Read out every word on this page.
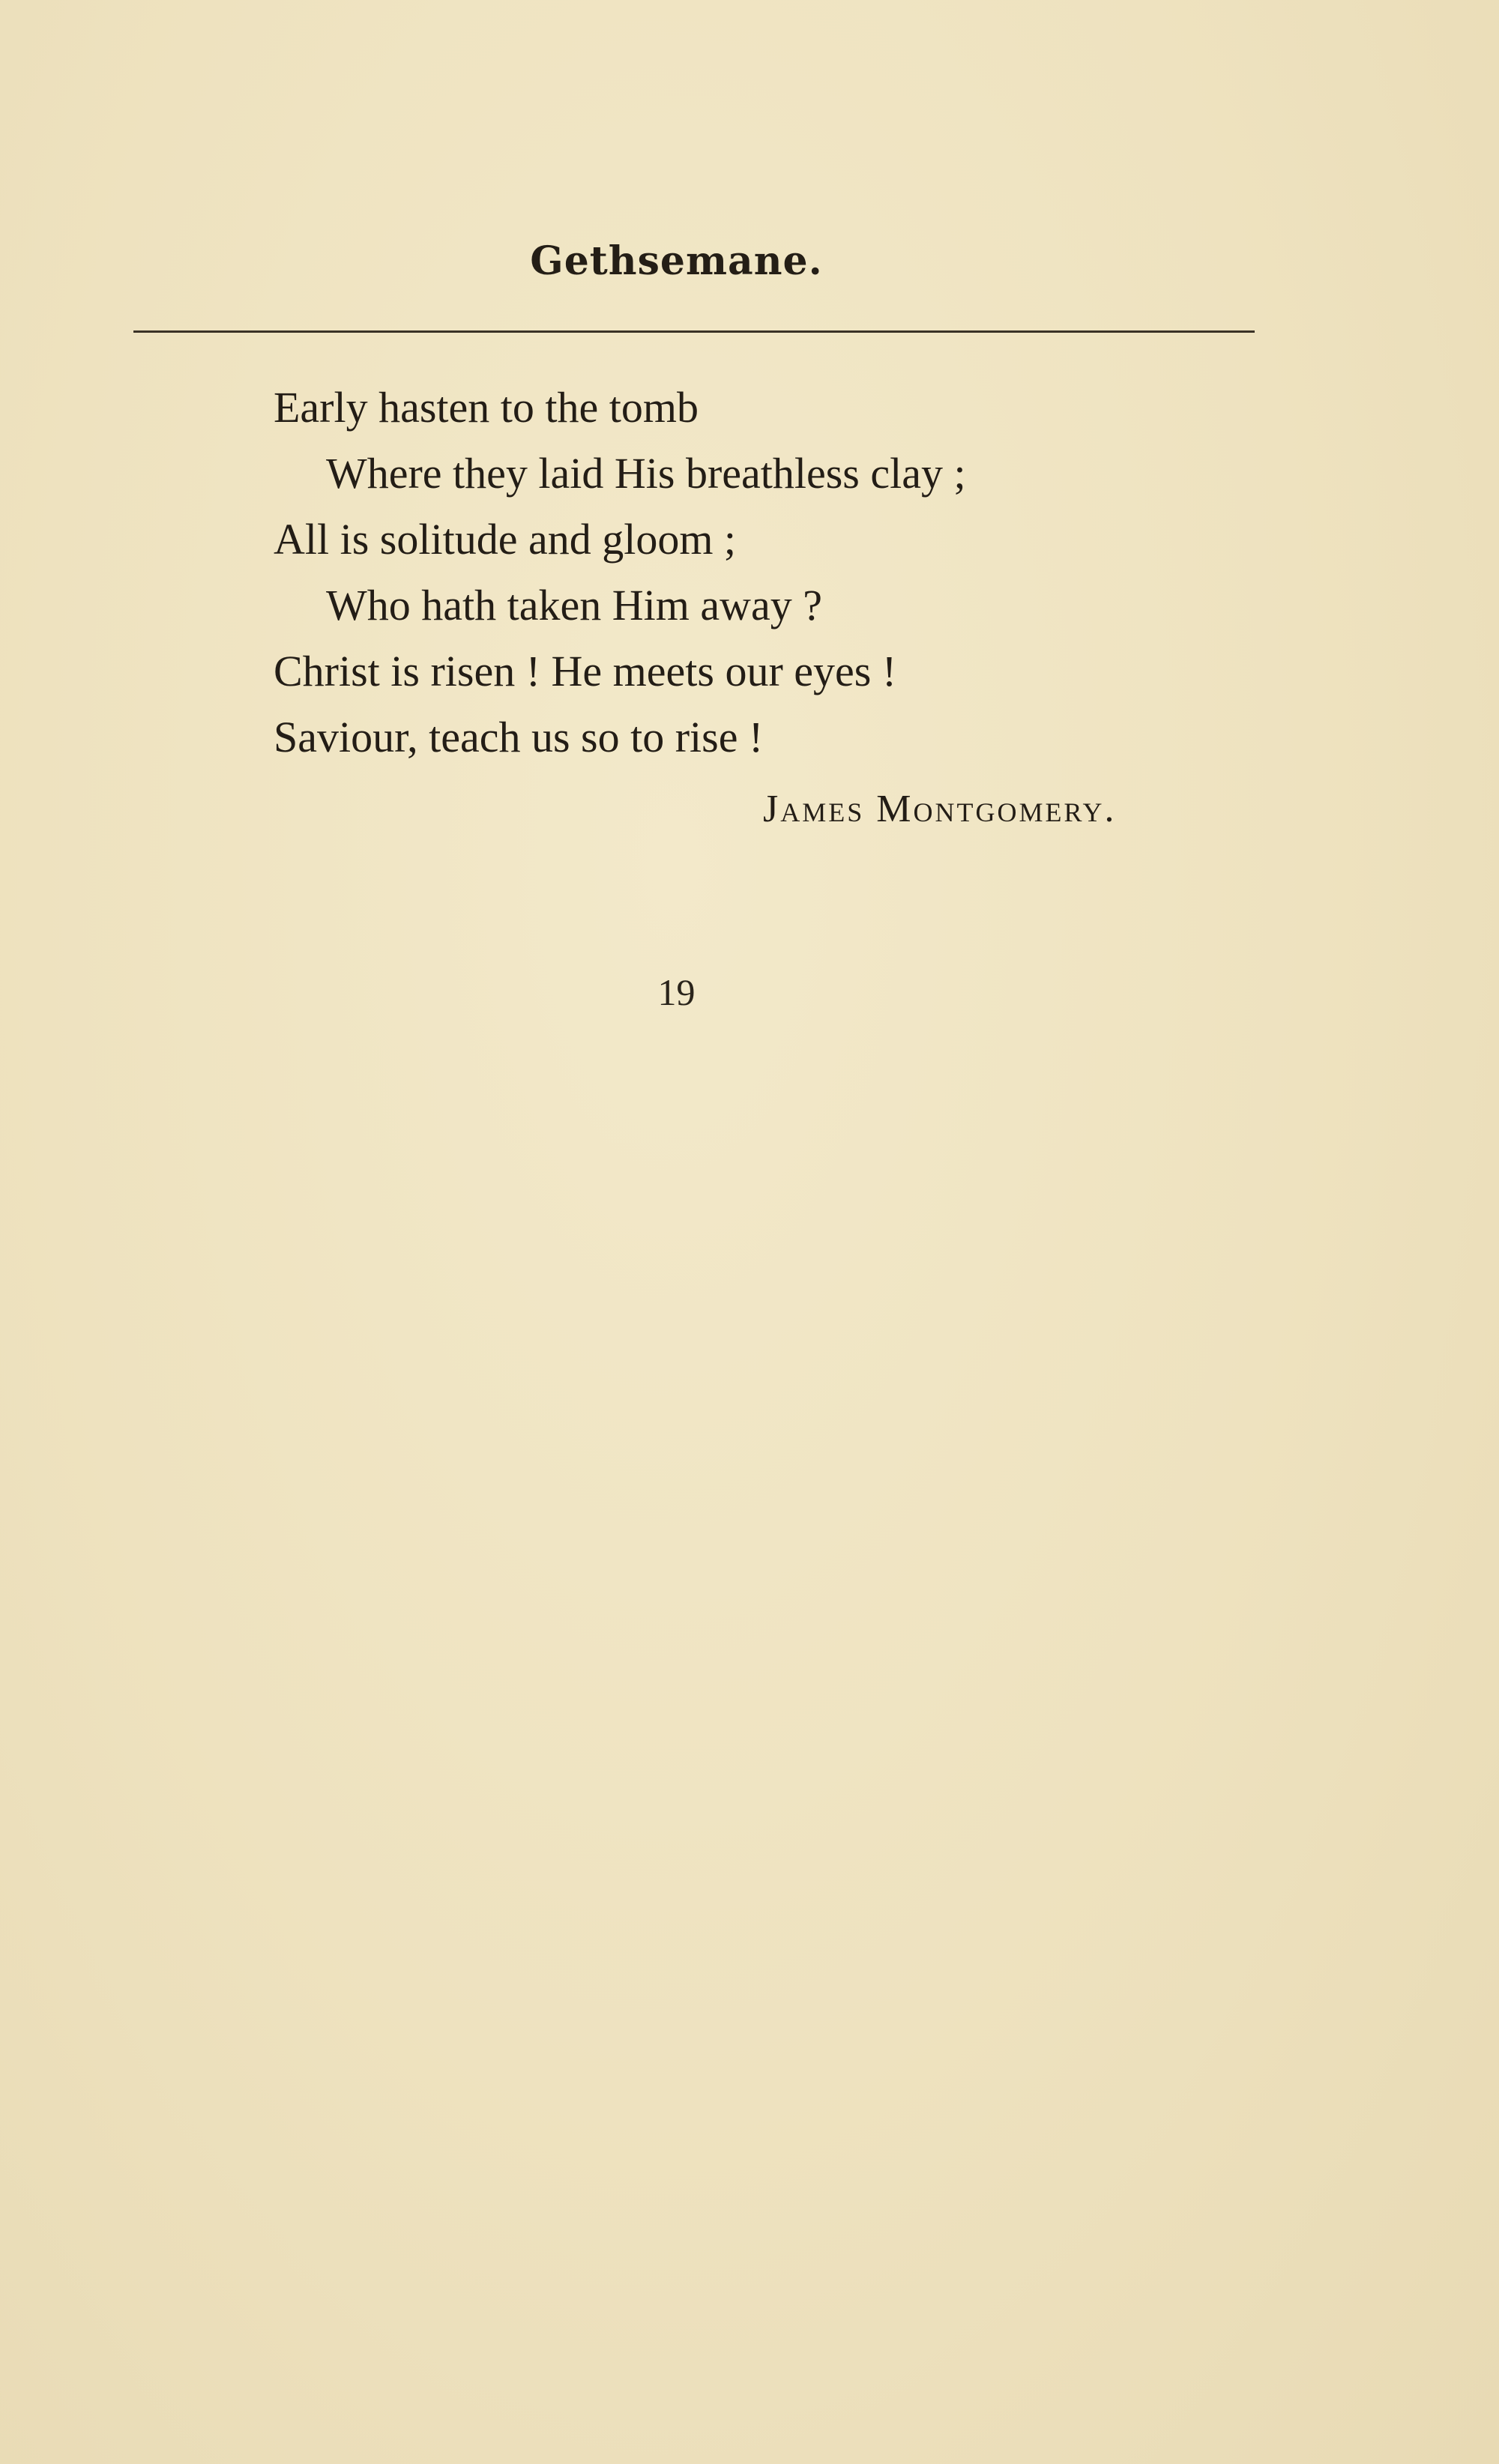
Gethsemane.
Early hasten to the tomb
Where they laid His breathless clay ;
All is solitude and gloom ;
Who hath taken Him away ?
Christ is risen ! He meets our eyes !
Saviour, teach us so to rise !
James Montgomery.
19
